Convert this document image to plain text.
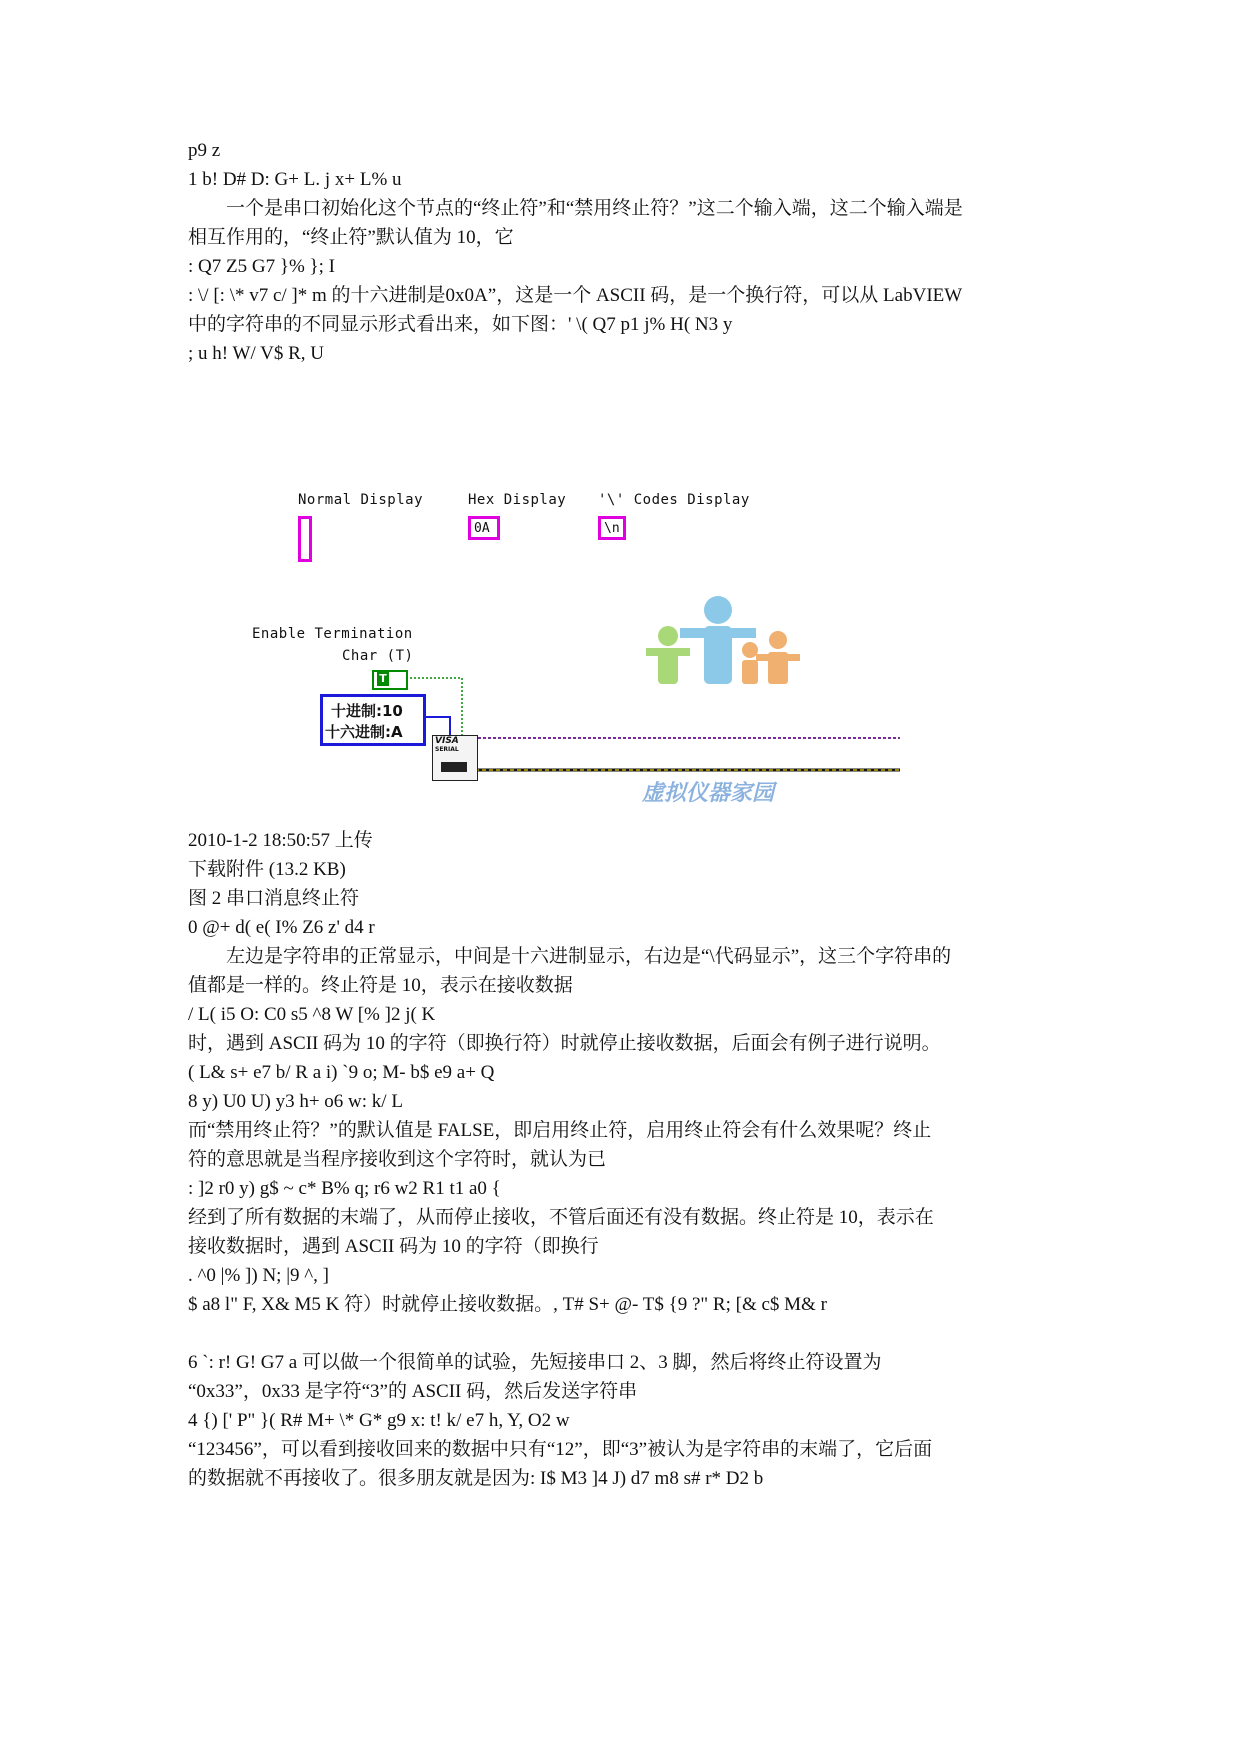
p9 z
1 b! D# D: G+ L. j x+ L% u
一个是串口初始化这个节点的“终止符”和“禁用终止符？”这二个输入端，这二个输入端是
相互作用的，“终止符”默认值为 10，它
: Q7 Z5 G7 }% }; I
: \/ [: \* v7 c/ ]* m 的十六进制是0x0A”，这是一个 ASCII 码，是一个换行符，可以从 LabVIEW
中的字符串的不同显示形式看出来，如下图：' \( Q7 p1 j% H( N3 y
; u h! W/ V$ R, U
Normal Display	Hex Display '\' Codes Display
0A	\n
Enable Termination
Char (T)
T
十进制:10
十六进制:A	VISA
SERIAL
虚拟仪器家园
2010-1-2 18:50:57 上传
下载附件 (13.2 KB)
图 2 串口消息终止符
0 @+ d( e( I% Z6 z' d4 r
左边是字符串的正常显示，中间是十六进制显示，右边是“\代码显示”，这三个字符串的
值都是一样的。终止符是 10，表示在接收数据
/ L( i5 O: C0 s5 ^8 W [% ]2 j( K
时，遇到 ASCII 码为 10 的字符（即换行符）时就停止接收数据，后面会有例子进行说明。
( L& s+ e7 b/ R a i) `9 o; M- b$ e9 a+ Q
8 y) U0 U) y3 h+ o6 w: k/ L
而“禁用终止符？”的默认值是 FALSE，即启用终止符，启用终止符会有什么效果呢？终止
符的意思就是当程序接收到这个字符时，就认为已
: ]2 r0 y) g$ ~ c* B% q; r6 w2 R1 t1 a0 {
经到了所有数据的末端了，从而停止接收，不管后面还有没有数据。终止符是 10，表示在
接收数据时，遇到 ASCII 码为 10 的字符（即换行
. ^0 |% ]) N; |9 ^, ]
$ a8 l" F, X& M5 K 符）时就停止接收数据。, T# S+ @- T$ {9 ?" R; [& c$ M& r
6 `: r! G! G7 a 可以做一个很简单的试验，先短接串口 2、3 脚，然后将终止符设置为
“0x33”，0x33 是字符“3”的 ASCII 码，然后发送字符串
4 {) [' P" }( R# M+ \* G* g9 x: t! k/ e7 h, Y, O2 w
“123456”，可以看到接收回来的数据中只有“12”，即“3”被认为是字符串的末端了，它后面
的数据就不再接收了。很多朋友就是因为: I$ M3 ]4 J) d7 m8 s# r* D2 b
